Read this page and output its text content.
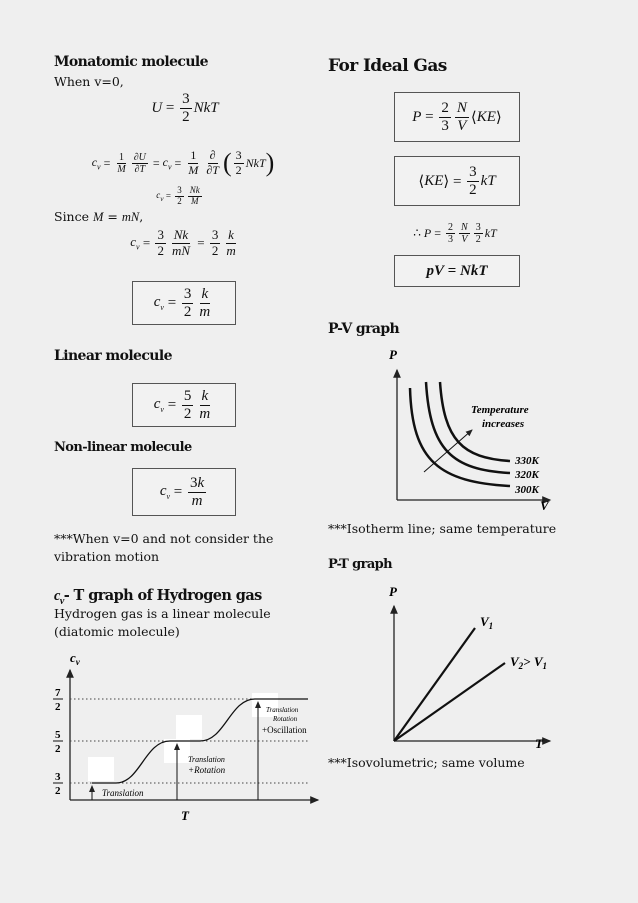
Monatomic molecule
When v=0,
$U = \frac{3}{2}$ NkT
$c_v = \frac{1}{M} \frac{\partial U}{\partial T} = c_v = \frac{1}{M} \frac{\partial}{\partial T}$ ( $\frac{3}{2}$ NkT )
$c_v = \frac{3}{2} \frac{Nk}{M}$
Since M = mN,
$c_v = \frac{3}{2} \frac{Nk}{mN} = \frac{3}{2} \frac{k}{m}$
$c_v = \frac{3}{2} \frac{k}{m}$
Linear molecule
$c_v = \frac{5}{2} \frac{k}{m}$
Non-linear molecule
$c_v = \frac{3k}{m}$
***When v=0 and not consider the vibration motion
$c_v-$ T graph of Hydrogen gas
Hydrogen gas is a linear molecule (diatomic molecule)
$c_v$
T
7
2
5
2
3
2	Translation
Translation
+Rotation
Translation
Rotation
+Oscillation
For Ideal Gas
$P = \frac{2}{3} \frac{N}{V}$ ⟨ KE ⟩
⟨ KE ⟩ = $\frac{3}{2}$ kT
∴ $P = \frac{2}{3} \frac{N}{V} \frac{3}{2}$ kT
pV = NkT
P-V graph
P
V
Temperature
increases
330K
320K
300K
***Isotherm line; same temperature
P-T graph
P
T
$V_1$
$V_2> V_1$
***Isovolumetric; same volume
